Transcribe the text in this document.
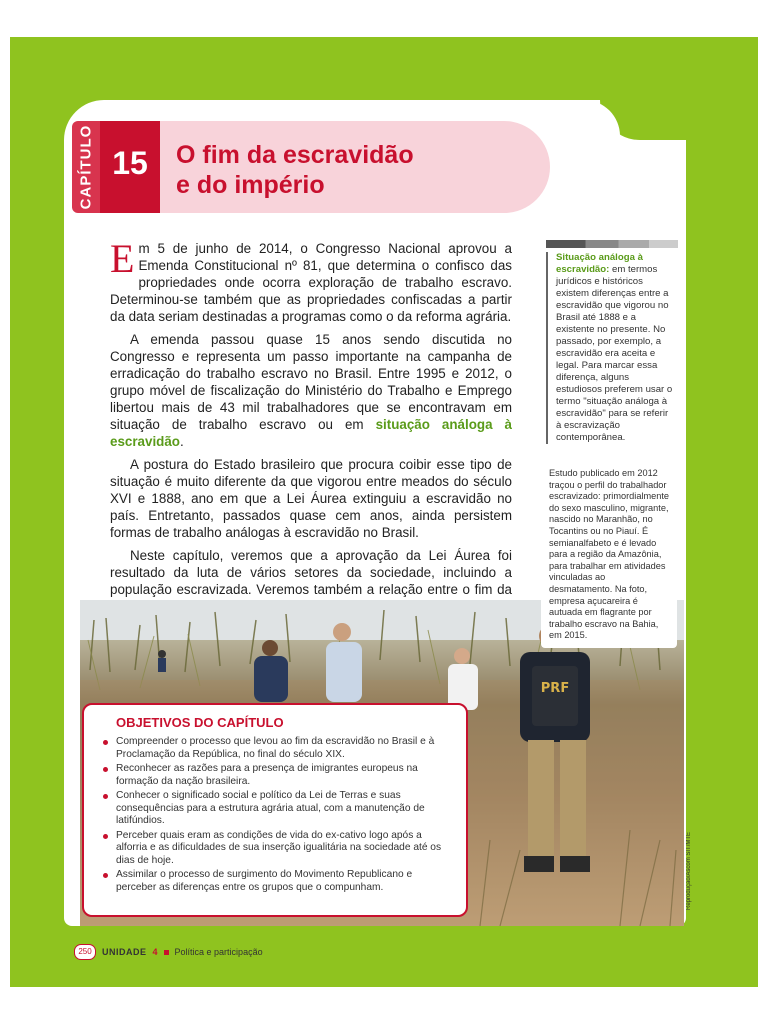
CAPÍTULO 15	O fim da escravidão
e do império

Em 5 de junho de 2014, o Congresso Nacional aprovou a Emenda Constitucional nº 81, que determina o confisco das propriedades onde ocorra exploração de trabalho escravo. Determinou-se também que as propriedades confiscadas a partir da data seriam destinadas a programas como o da reforma agrária.

A emenda passou quase 15 anos sendo discutida no Congresso e representa um passo importante na campanha de erradicação do trabalho escravo no Brasil. Entre 1995 e 2012, o grupo móvel de fiscalização do Ministério do Trabalho e Emprego libertou mais de 43 mil trabalhadores que se encontravam em situação de trabalho escravo ou em situação análoga à escravidão.

A postura do Estado brasileiro que procura coibir esse tipo de situação é muito diferente da que vigorou entre meados do século XVI e 1888, ano em que a Lei Áurea extinguiu a escravidão no país. Entretanto, passados quase cem anos, ainda persistem formas de trabalho análogas à escravidão no Brasil.

Neste capítulo, veremos que a aprovação da Lei Áurea foi resultado da luta de vários setores da sociedade, incluindo a população escravizada. Veremos também a relação entre o fim da

Situação análoga à escravidão: em termos jurídicos e históricos existem diferenças entre a escravidão que vigorou no Brasil até 1888 e a existente no presente. No passado, por exemplo, a escravidão era aceita e legal. Para marcar essa diferença, alguns estudiosos preferem usar o termo "situação análoga à escravidão" para se referir à escravização contemporânea.
PRF
Estudo publicado em 2012 traçou o perfil do trabalhador escravizado: primordialmente do sexo masculino, migrante, nascido no Maranhão, no Tocantins ou no Piauí. É semianalfabeto e é levado para a região da Amazônia, para trabalhar em atividades vinculadas ao desmatamento. Na foto, empresa açucareira é autuada em flagrante por trabalho escravo na Bahia, em 2015.
OBJETIVOS DO CAPÍTULO
Compreender o processo que levou ao fim da escravidão no Brasil e à Proclamação da República, no final do século XIX.
Reconhecer as razões para a presença de imigrantes europeus na formação da nação brasileira.
Conhecer o significado social e político da Lei de Terras e suas consequências para a estrutura agrária atual, com a manutenção de latifúndios.
Perceber quais eram as condições de vida do ex-cativo logo após a alforria e as dificuldades de sua inserção igualitária na sociedade até os dias de hoje.
Assimilar o processo de surgimento do Movimento Republicano e perceber as diferenças entre os grupos que o compunham.	Reprodução/Ascom SIT/MTE
250	UNIDADE 4 Política e participação
